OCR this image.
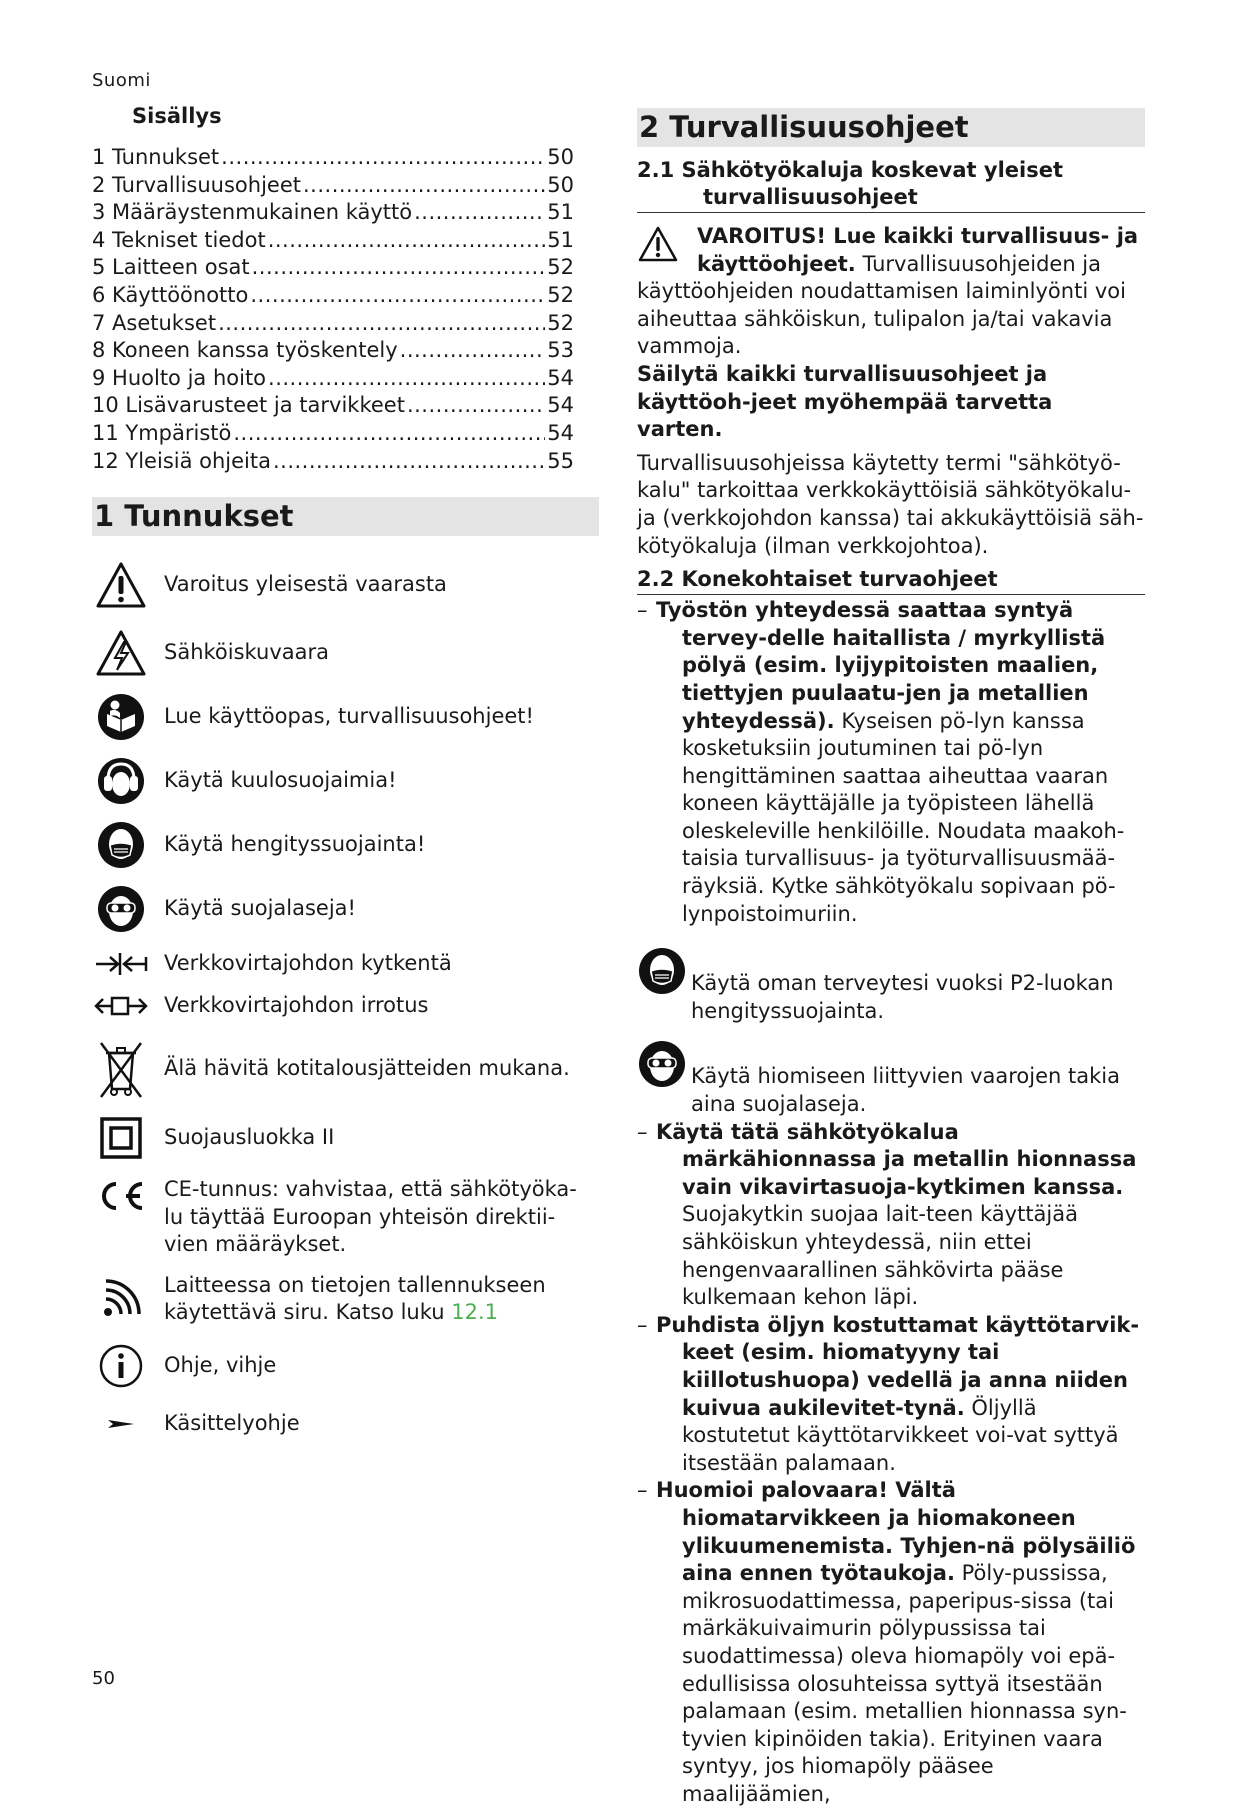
Suomi
Sisällys
1 Tunnukset .....	50
2 Turvallisuusohjeet .....	50
3 Määräystenmukainen käyttö .....	51
4 Tekniset tiedot .....	51
5 Laitteen osat .....	52
6 Käyttöönotto .....	52
7 Asetukset .....	52
8 Koneen kanssa työskentely .....	53
9 Huolto ja hoito .....	54
10 Lisävarusteet ja tarvikkeet .....	54
11 Ympäristö .....	54
12 Yleisiä ohjeita .....	55
1 Tunnukset
Varoitus yleisestä vaarasta
Sähköiskuvaara
Lue käyttöopas, turvallisuusohjeet!
Käytä kuulosuojaimia!
Käytä hengityssuojainta!
Käytä suojalaseja!
Verkkovirtajohdon kytkentä
Verkkovirtajohdon irrotus
Älä hävitä kotitalousjätteiden mukana.
Suojausluokka II
CE-tunnus: vahvistaa, että sähkötyöka-
lu täyttää Euroopan yhteisön direktii-
vien määräykset.
Laitteessa on tietojen tallennukseen
käytettävä siru. Katso luku 12.1
Ohje, vihje
Käsittelyohje
2 Turvallisuusohjeet
2.1 Sähkötyökaluja koskevat yleiset
turvallisuusohjeet
VAROITUS! Lue kaikki turvallisuus- ja
käyttöohjeet. Turvallisuusohjeiden ja käyttöohjeiden noudattamisen laiminlyönti voi aiheuttaa sähköiskun, tulipalon ja/tai vakavia vammoja.
Säilytä kaikki turvallisuusohjeet ja käyttöoh-jeet myöhempää tarvetta varten.
Turvallisuusohjeissa käytetty termi "sähkötyö-kalu" tarkoittaa verkkokäyttöisiä sähkötyökalu-ja (verkkojohdon kanssa) tai akkukäyttöisiä säh-kötyökaluja (ilman verkkojohtoa).
2.2 Konekohtaiset turvaohjeet
– Työstön yhteydessä saattaa syntyä tervey-delle haitallista / myrkyllistä pölyä (esim. lyijypitoisten maalien, tiettyjen puulaatu-jen ja metallien yhteydessä). Kyseisen pö-lyn kanssa kosketuksiin joutuminen tai pö-lyn hengittäminen saattaa aiheuttaa vaaran koneen käyttäjälle ja työpisteen lähellä oleskeleville henkilöille. Noudata maakoh-taisia turvallisuus- ja työturvallisuusmää-räyksiä. Kytke sähkötyökalu sopivaan pö-lynpoistoimuriin.
Käytä oman terveytesi vuoksi P2-luokan hengityssuojainta.
Käytä hiomiseen liittyvien vaarojen takia aina suojalaseja.
– Käytä tätä sähkötyökalua märkähionnassa ja metallin hionnassa vain vikavirtasuoja-kytkimen kanssa. Suojakytkin suojaa lait-teen käyttäjää sähköiskun yhteydessä, niin ettei hengenvaarallinen sähkövirta pääse kulkemaan kehon läpi.
– Puhdista öljyn kostuttamat käyttötarvik-keet (esim. hiomatyyny tai kiillotushuopa) vedellä ja anna niiden kuivua aukilevitet-tynä. Öljyllä kostutetut käyttötarvikkeet voi-vat syttyä itsestään palamaan.
– Huomioi palovaara! Vältä hiomatarvikkeen ja hiomakoneen ylikuumenemista. Tyhjen-nä pölysäiliö aina ennen työtaukoja. Pöly-pussissa, mikrosuodattimessa, paperipus-sissa (tai märkäkuivaimurin pölypussissa tai suodattimessa) oleva hiomapöly voi epä-edullisissa olosuhteissa syttyä itsestään palamaan (esim. metallien hionnassa syn-tyvien kipinöiden takia). Erityinen vaara syntyy, jos hiomapöly pääsee maalijäämien,
50
